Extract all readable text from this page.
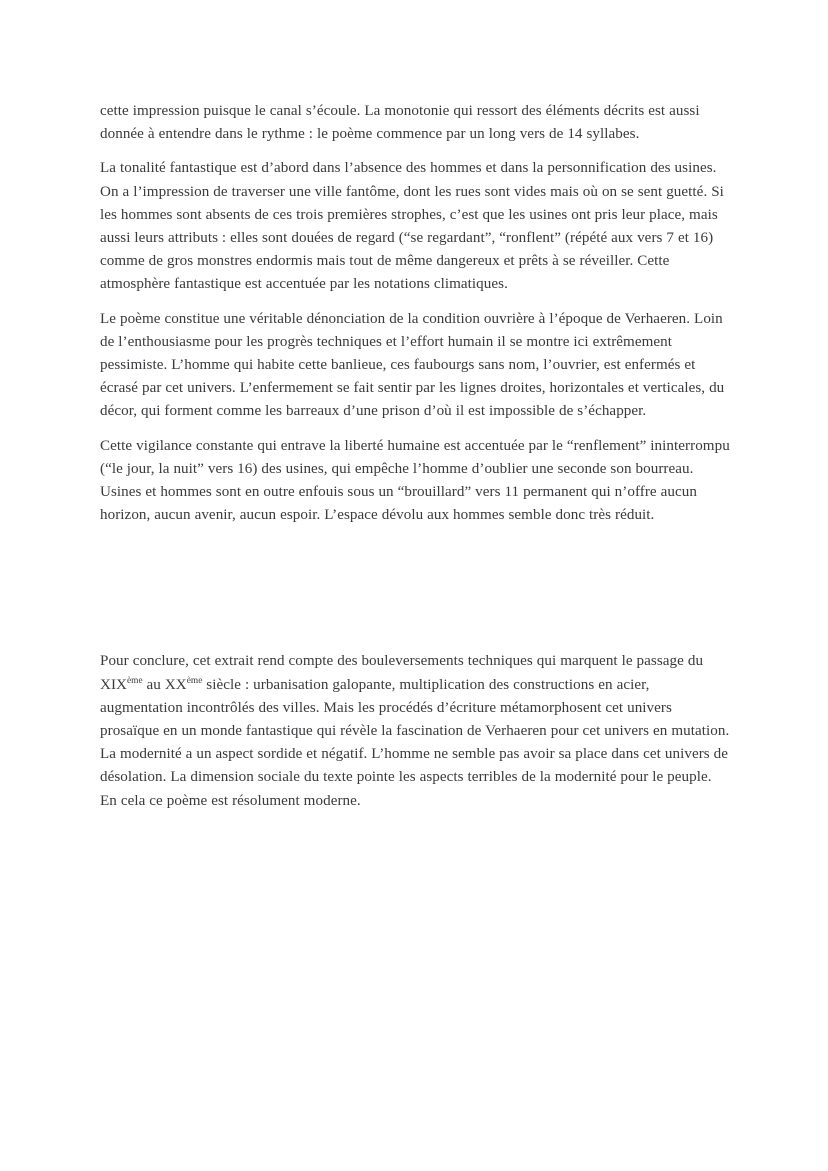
cette impression puisque le canal s’écoule. La monotonie qui ressort des éléments décrits est aussi donnée à entendre dans le rythme : le poème commence par un long vers de 14 syllabes.

La tonalité fantastique est d’abord dans l’absence des hommes et dans la personnification des usines. On a l’impression de traverser une ville fantôme, dont les rues sont vides mais où on se sent guetté. Si les hommes sont absents de ces trois premières strophes, c’est que les usines ont pris leur place, mais aussi leurs attributs : elles sont douées de regard (“se regardant”, “ronflent” (répété aux vers 7 et 16) comme de gros monstres endormis mais tout de même dangereux et prêts à se réveiller. Cette atmosphère fantastique est accentuée par les notations climatiques.

Le poème constitue une véritable dénonciation de la condition ouvrière à l’époque de Verhaeren. Loin de l’enthousiasme pour les progrès techniques et l’effort humain il se montre ici extrêmement pessimiste. L’homme qui habite cette banlieue, ces faubourgs sans nom, l’ouvrier, est enfermés et écrasé par cet univers. L’enfermement se fait sentir par les lignes droites, horizontales et verticales, du décor, qui forment comme les barreaux d’une prison d’où il est impossible de s’échapper.

Cette vigilance constante qui entrave la liberté humaine est accentuée par le “renflement” ininterrompu (“le jour, la nuit” vers 16) des usines, qui empêche l’homme d’oublier une seconde son bourreau. Usines et hommes sont en outre enfouis sous un “brouillard” vers 11 permanent qui n’offre aucun horizon, aucun avenir, aucun espoir. L’espace dévolu aux hommes semble donc très réduit.

Pour conclure, cet extrait rend compte des bouleversements techniques qui marquent le passage du XIXème au XXème siècle : urbanisation galopante, multiplication des constructions en acier, augmentation incontrôlés des villes. Mais les procédés d’écriture métamorphosent cet univers prosaïque en un monde fantastique qui révèle la fascination de Verhaeren pour cet univers en mutation. La modernité a un aspect sordide et négatif. L’homme ne semble pas avoir sa place dans cet univers de désolation. La dimension sociale du texte pointe les aspects terribles de la modernité pour le peuple. En cela ce poème est résolument moderne.
